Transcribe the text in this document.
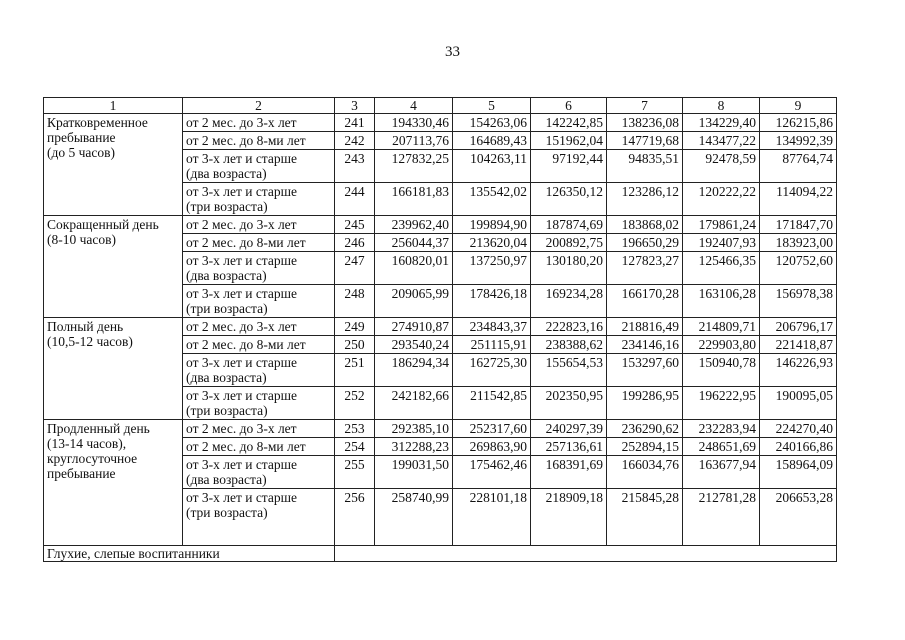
33
1	2	3	4	5	6	7	8	9

Кратковременное
пребывание
(до 5 часов)	от 2 мес. до 3-х лет	241	194330,46	154263,06	142242,85	138236,08	134229,40	126215,86

	от 2 мес. до 8-ми лет	242	207113,76	164689,43	151962,04	147719,68	143477,22	134992,39

	от 3-х лет и старше
(два возраста)	243	127832,25	104263,11	97192,44	94835,51	92478,59	87764,74

	от 3-х лет и старше
(три возраста)	244	166181,83	135542,02	126350,12	123286,12	120222,22	114094,22

Сокращенный день
(8-10 часов)	от 2 мес. до 3-х лет	245	239962,40	199894,90	187874,69	183868,02	179861,24	171847,70

	от 2 мес. до 8-ми лет	246	256044,37	213620,04	200892,75	196650,29	192407,93	183923,00

	от 3-х лет и старше
(два возраста)	247	160820,01	137250,97	130180,20	127823,27	125466,35	120752,60

	от 3-х лет и старше
(три возраста)	248	209065,99	178426,18	169234,28	166170,28	163106,28	156978,38

Полный день
(10,5-12 часов)	от 2 мес. до 3-х лет	249	274910,87	234843,37	222823,16	218816,49	214809,71	206796,17

	от 2 мес. до 8-ми лет	250	293540,24	251115,91	238388,62	234146,16	229903,80	221418,87

	от 3-х лет и старше
(два возраста)	251	186294,34	162725,30	155654,53	153297,60	150940,78	146226,93

	от 3-х лет и старше
(три возраста)	252	242182,66	211542,85	202350,95	199286,95	196222,95	190095,05

Продленный день
(13-14 часов),
круглосуточное
пребывание	от 2 мес. до 3-х лет	253	292385,10	252317,60	240297,39	236290,62	232283,94	224270,40

	от 2 мес. до 8-ми лет	254	312288,23	269863,90	257136,61	252894,15	248651,69	240166,86

	от 3-х лет и старше
(два возраста)	255	199031,50	175462,46	168391,69	166034,76	163677,94	158964,09

	от 3-х лет и старше
(три возраста)	256	258740,99	228101,18	218909,18	215845,28	212781,28	206653,28
Глухие, слепые воспитанники								
